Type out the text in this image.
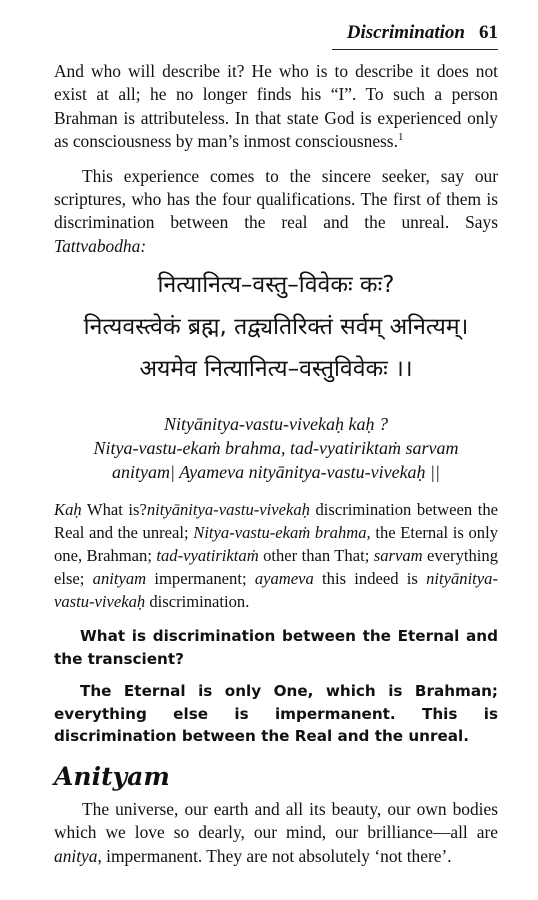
Discrimination 61

And who will describe it? He who is to describe it does not exist at all; he no longer finds his “I”. To such a person Brahman is attributeless. In that state God is experienced only as consciousness by man’s inmost consciousness.$^1$

This experience comes to the sincere seeker, say our scriptures, who has the four qualifications. The first of them is discrimination between the real and the unreal. Says Tattvabodha:

नित्यानित्य–वस्तु–विवेकः कः?
नित्यवस्त्वेकं ब्रह्म, तद्व्यतिरिक्तं सर्वम् अनित्यम्।
अयमेव नित्यानित्य–वस्तुविवेकः ।।
Nityānitya-vastu-vivekaḥ kaḥ ?
Nitya-vastu-ekaṁ brahma, tad-vyatiriktaṁ sarvam
anityam| Ayameva nityānitya-vastu-vivekaḥ ||

Kaḥ What is?nityānitya-vastu-vivekaḥ discrimination between the Real and the unreal; Nitya-vastu-ekaṁ brahma, the Eternal is only one, Brahman; tad-vyatiriktaṁ other than That; sarvam everything else; anityam impermanent; ayameva this indeed is nityānitya-vastu-vivekaḥ discrimination.

What is discrimination between the Eternal and the transcient?

The Eternal is only One, which is Brahman; everything else is impermanent. This is discrimination between the Real and the unreal.

Anityam

The universe, our earth and all its beauty, our own bodies which we love so dearly, our mind, our brilliance—all are anitya, impermanent. They are not absolutely ‘not there’.
